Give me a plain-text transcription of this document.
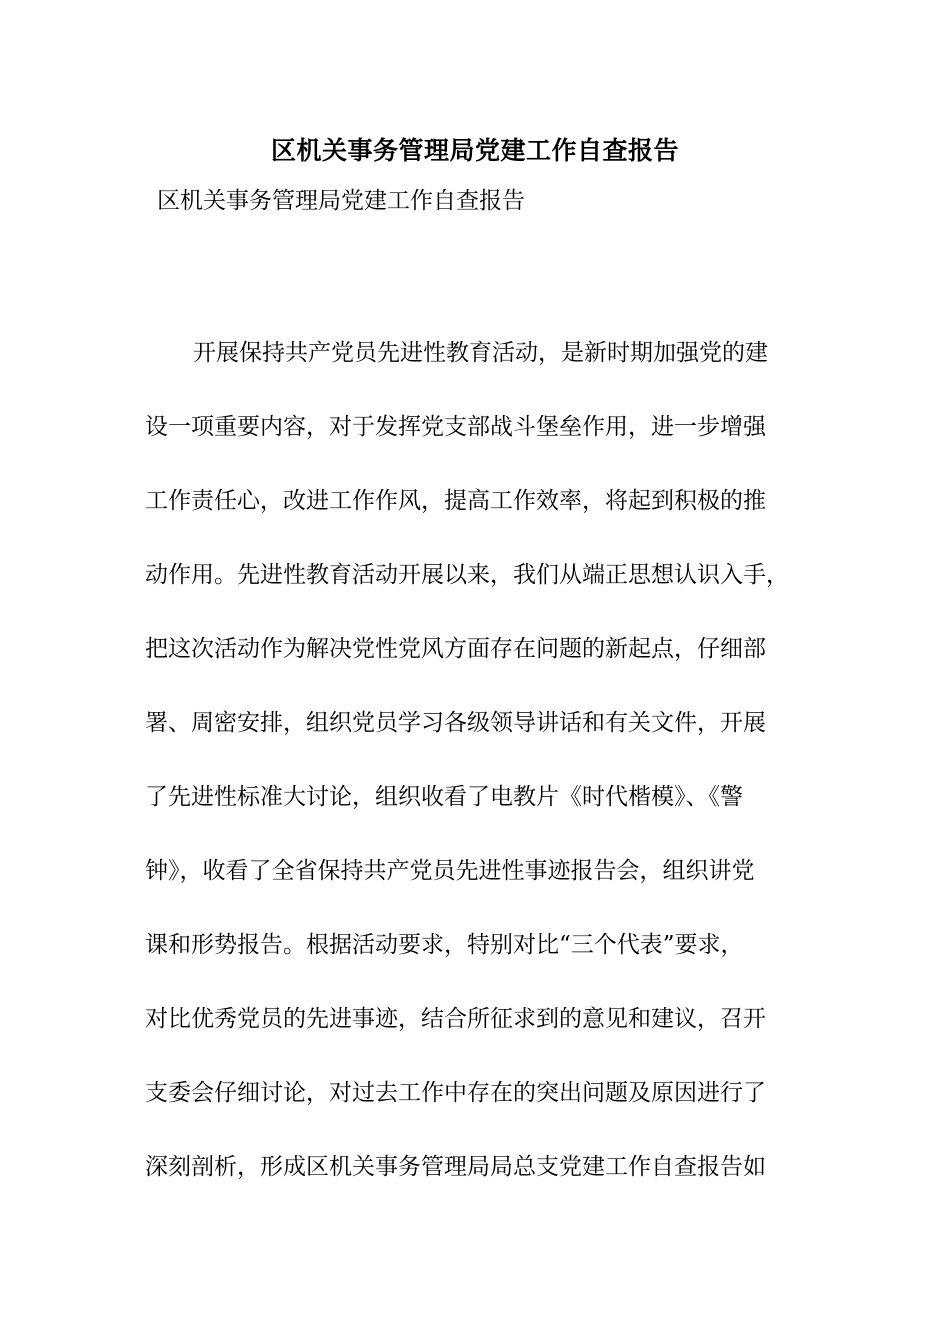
区机关事务管理局党建工作自查报告
区机关事务管理局党建工作自查报告
开展保持共产党员先进性教育活动，是新时期加强党的建
设一项重要内容，对于发挥党支部战斗堡垒作用，进一步增强
工作责任心，改进工作作风，提高工作效率，将起到积极的推
动作用。先进性教育活动开展以来，我们从端正思想认识入手，
把这次活动作为解决党性党风方面存在问题的新起点，仔细部
署、周密安排，组织党员学习各级领导讲话和有关文件，开展
了先进性标准大讨论，组织收看了电教片《时代楷模》、《警
钟》，收看了全省保持共产党员先进性事迹报告会，组织讲党
课和形势报告。根据活动要求，特别对比“三个代表”要求，
对比优秀党员的先进事迹，结合所征求到的意见和建议，召开
支委会仔细讨论，对过去工作中存在的突出问题及原因进行了
深刻剖析，形成区机关事务管理局局总支党建工作自查报告如
